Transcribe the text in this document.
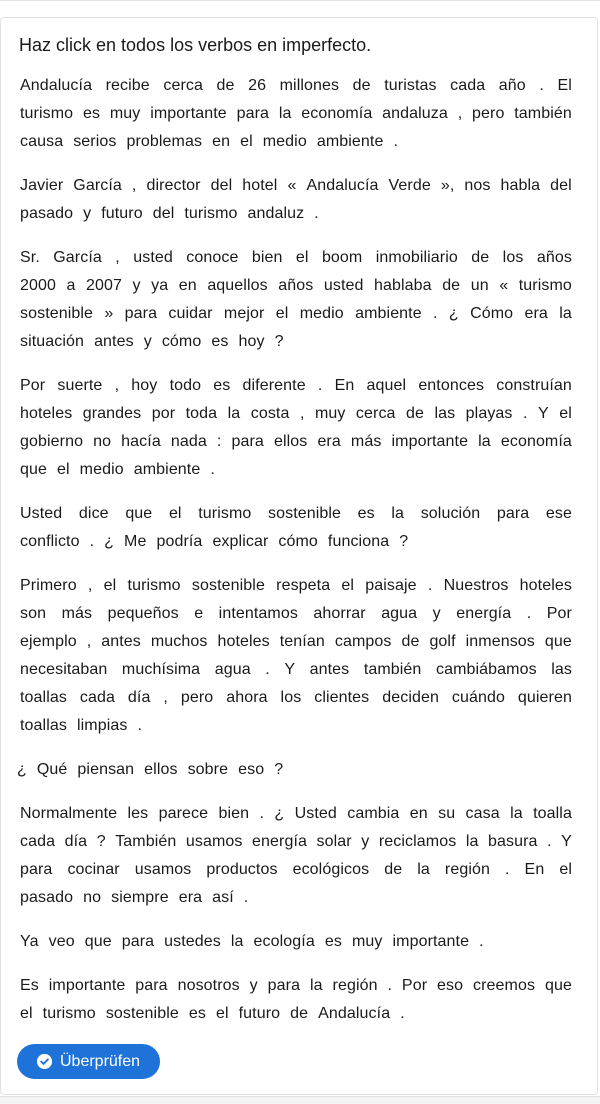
Haz click en todos los verbos en imperfecto.
Andalucía recibe cerca de 26 millones de turistas cada año . El
turismo es muy importante para la economía andaluza , pero también
causa serios problemas en el medio ambiente .
Javier García , director del hotel « Andalucía Verde », nos habla del
pasado y futuro del turismo andaluz .
Sr. García , usted conoce bien el boom inmobiliario de los años
2000 a 2007 y ya en aquellos años usted hablaba de un « turismo
sostenible » para cuidar mejor el medio ambiente . ¿ Cómo era la
situación antes y cómo es hoy ?
Por suerte , hoy todo es diferente . En aquel entonces construían
hoteles grandes por toda la costa , muy cerca de las playas . Y el
gobierno no hacía nada : para ellos era más importante la economía
que el medio ambiente .
Usted dice que el turismo sostenible es la solución para ese
conflicto . ¿ Me podría explicar cómo funciona ?
Primero , el turismo sostenible respeta el paisaje . Nuestros hoteles
son más pequeños e intentamos ahorrar agua y energía . Por
ejemplo , antes muchos hoteles tenían campos de golf inmensos que
necesitaban muchísima agua . Y antes también cambiábamos las
toallas cada día , pero ahora los clientes deciden cuándo quieren
toallas limpias .
¿ Qué piensan ellos sobre eso ?
Normalmente les parece bien . ¿ Usted cambia en su casa la toalla
cada día ? También usamos energía solar y reciclamos la basura . Y
para cocinar usamos productos ecológicos de la región . En el
pasado no siempre era así .
Ya veo que para ustedes la ecología es muy importante .
Es importante para nosotros y para la región . Por eso creemos que
el turismo sostenible es el futuro de Andalucía .
Überprüfen
